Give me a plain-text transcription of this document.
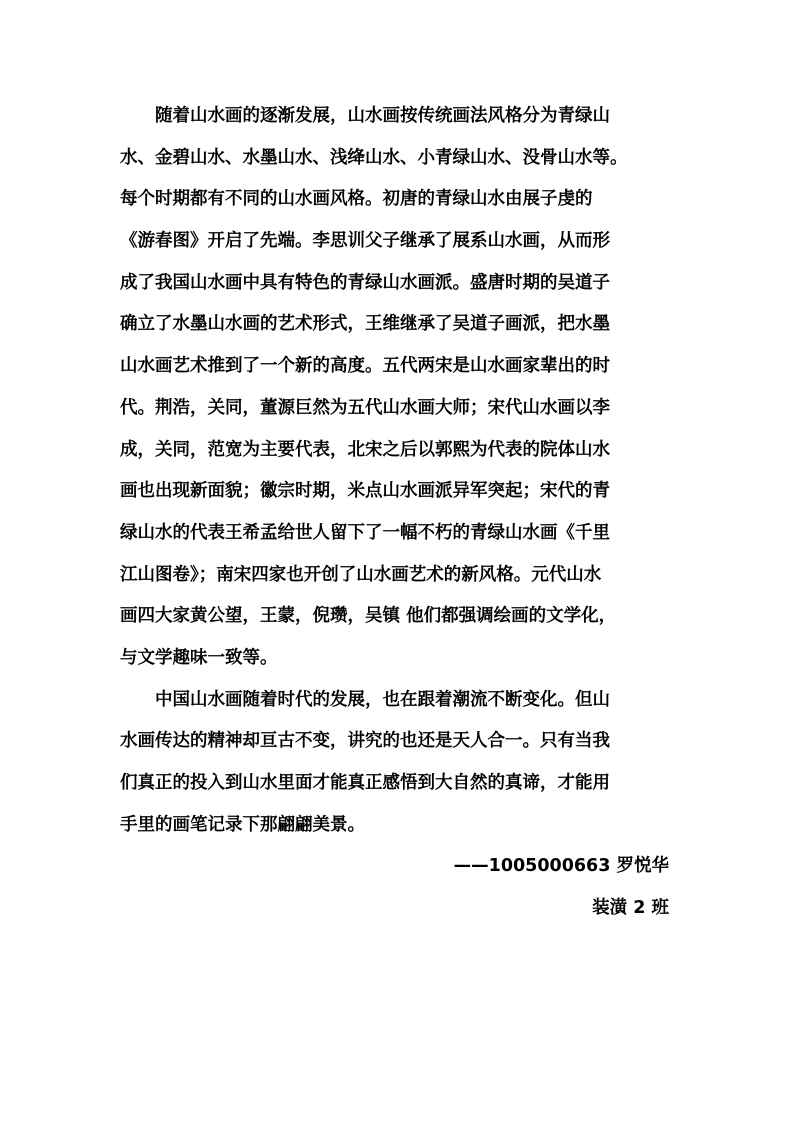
　　随着山水画的逐渐发展，山水画按传统画法风格分为青绿山
水、金碧山水、水墨山水、浅绛山水、小青绿山水、没骨山水等。
每个时期都有不同的山水画风格。初唐的青绿山水由展子虔的
《游春图》开启了先端。李思训父子继承了展系山水画，从而形
成了我国山水画中具有特色的青绿山水画派。盛唐时期的吴道子
确立了水墨山水画的艺术形式，王维继承了吴道子画派，把水墨
山水画艺术推到了一个新的高度。五代两宋是山水画家辈出的时
代。荆浩，关同，董源巨然为五代山水画大师；宋代山水画以李
成，关同，范宽为主要代表，北宋之后以郭熙为代表的院体山水
画也出现新面貌；徽宗时期，米点山水画派异军突起；宋代的青
绿山水的代表王希孟给世人留下了一幅不朽的青绿山水画《千里
江山图卷》；南宋四家也开创了山水画艺术的新风格。元代山水
画四大家黄公望，王蒙，倪瓒，吴镇 他们都强调绘画的文学化，
与文学趣味一致等。
　　中国山水画随着时代的发展，也在跟着潮流不断变化。但山
水画传达的精神却亘古不变，讲究的也还是天人合一。只有当我
们真正的投入到山水里面才能真正感悟到大自然的真谛，才能用
手里的画笔记录下那翩翩美景。
——1005000663 罗悦华
装潢 2 班
